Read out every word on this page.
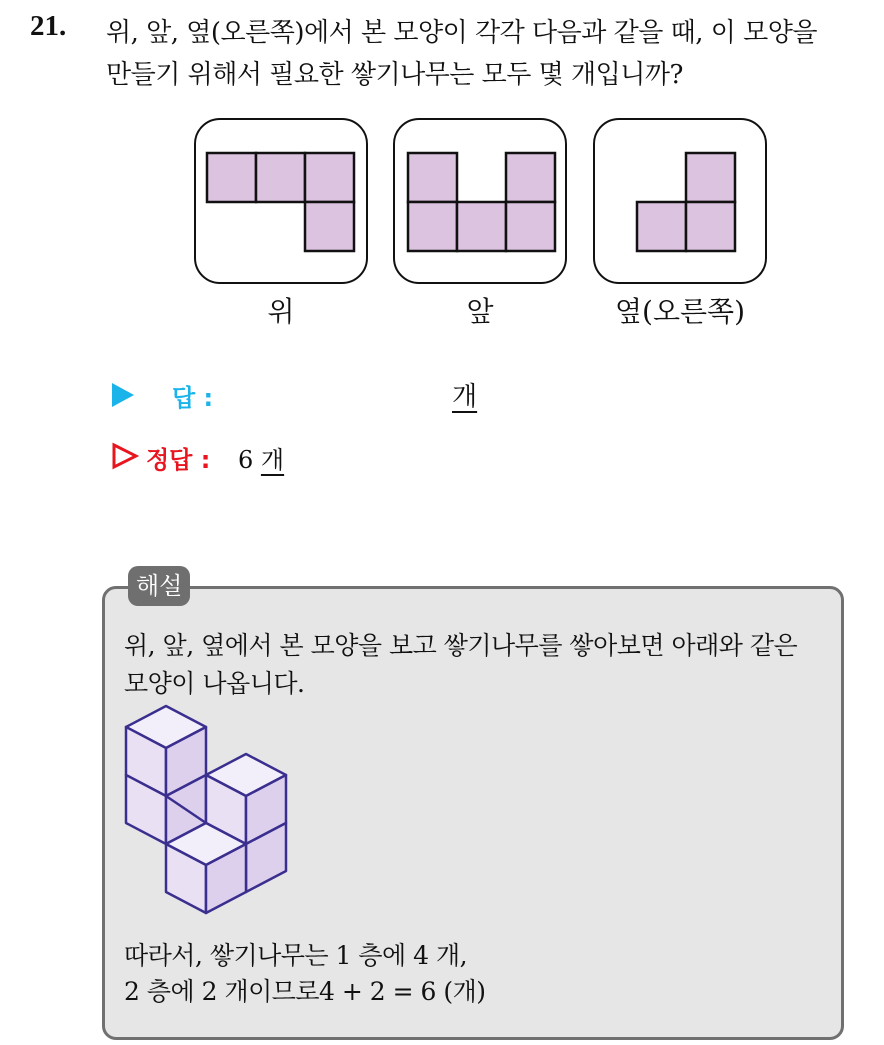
21. 위, 앞, 옆(오른쪽)에서 본 모양이 각각 다음과 같을 때, 이 모양을
만들기 위해서 필요한 쌓기나무는 모두 몇 개입니까?
위	앞	옆(오른쪽)
답 :	개
정답 : 6 개
해설
위, 앞, 옆에서 본 모양을 보고 쌓기나무를 쌓아보면 아래와 같은
모양이 나옵니다.
따라서, 쌓기나무는 1 층에 4 개,
2 층에 2 개이므로4 + 2 = 6 (개)
